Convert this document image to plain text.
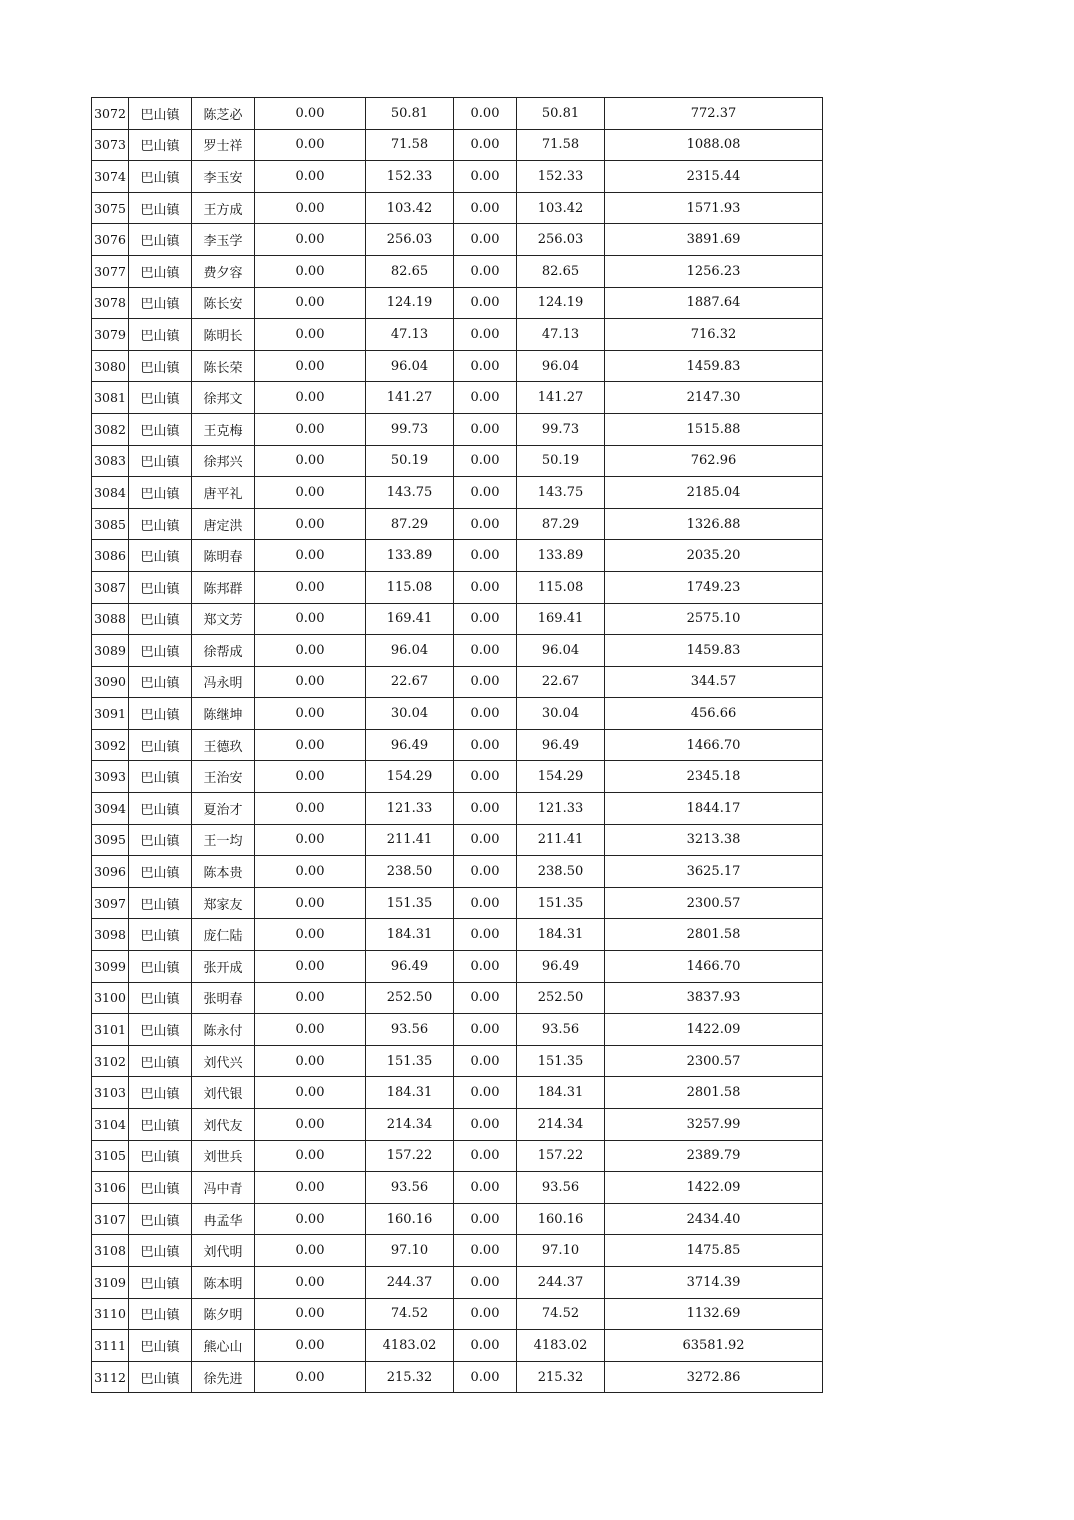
3072	巴山镇	陈芝必	0.00	50.81	0.00	50.81	772.37
3073	巴山镇	罗士祥	0.00	71.58	0.00	71.58	1088.08
3074	巴山镇	李玉安	0.00	152.33	0.00	152.33	2315.44
3075	巴山镇	王方成	0.00	103.42	0.00	103.42	1571.93
3076	巴山镇	李玉学	0.00	256.03	0.00	256.03	3891.69
3077	巴山镇	费夕容	0.00	82.65	0.00	82.65	1256.23
3078	巴山镇	陈长安	0.00	124.19	0.00	124.19	1887.64
3079	巴山镇	陈明长	0.00	47.13	0.00	47.13	716.32
3080	巴山镇	陈长荣	0.00	96.04	0.00	96.04	1459.83
3081	巴山镇	徐邦文	0.00	141.27	0.00	141.27	2147.30
3082	巴山镇	王克梅	0.00	99.73	0.00	99.73	1515.88
3083	巴山镇	徐邦兴	0.00	50.19	0.00	50.19	762.96
3084	巴山镇	唐平礼	0.00	143.75	0.00	143.75	2185.04
3085	巴山镇	唐定洪	0.00	87.29	0.00	87.29	1326.88
3086	巴山镇	陈明春	0.00	133.89	0.00	133.89	2035.20
3087	巴山镇	陈邦群	0.00	115.08	0.00	115.08	1749.23
3088	巴山镇	郑文芳	0.00	169.41	0.00	169.41	2575.10
3089	巴山镇	徐帮成	0.00	96.04	0.00	96.04	1459.83
3090	巴山镇	冯永明	0.00	22.67	0.00	22.67	344.57
3091	巴山镇	陈继坤	0.00	30.04	0.00	30.04	456.66
3092	巴山镇	王德玖	0.00	96.49	0.00	96.49	1466.70
3093	巴山镇	王治安	0.00	154.29	0.00	154.29	2345.18
3094	巴山镇	夏治才	0.00	121.33	0.00	121.33	1844.17
3095	巴山镇	王一均	0.00	211.41	0.00	211.41	3213.38
3096	巴山镇	陈本贵	0.00	238.50	0.00	238.50	3625.17
3097	巴山镇	郑家友	0.00	151.35	0.00	151.35	2300.57
3098	巴山镇	庞仁陆	0.00	184.31	0.00	184.31	2801.58
3099	巴山镇	张开成	0.00	96.49	0.00	96.49	1466.70
3100	巴山镇	张明春	0.00	252.50	0.00	252.50	3837.93
3101	巴山镇	陈永付	0.00	93.56	0.00	93.56	1422.09
3102	巴山镇	刘代兴	0.00	151.35	0.00	151.35	2300.57
3103	巴山镇	刘代银	0.00	184.31	0.00	184.31	2801.58
3104	巴山镇	刘代友	0.00	214.34	0.00	214.34	3257.99
3105	巴山镇	刘世兵	0.00	157.22	0.00	157.22	2389.79
3106	巴山镇	冯中青	0.00	93.56	0.00	93.56	1422.09
3107	巴山镇	冉孟华	0.00	160.16	0.00	160.16	2434.40
3108	巴山镇	刘代明	0.00	97.10	0.00	97.10	1475.85
3109	巴山镇	陈本明	0.00	244.37	0.00	244.37	3714.39
3110	巴山镇	陈夕明	0.00	74.52	0.00	74.52	1132.69
3111	巴山镇	熊心山	0.00	4183.02	0.00	4183.02	63581.92
3112	巴山镇	徐先进	0.00	215.32	0.00	215.32	3272.86
